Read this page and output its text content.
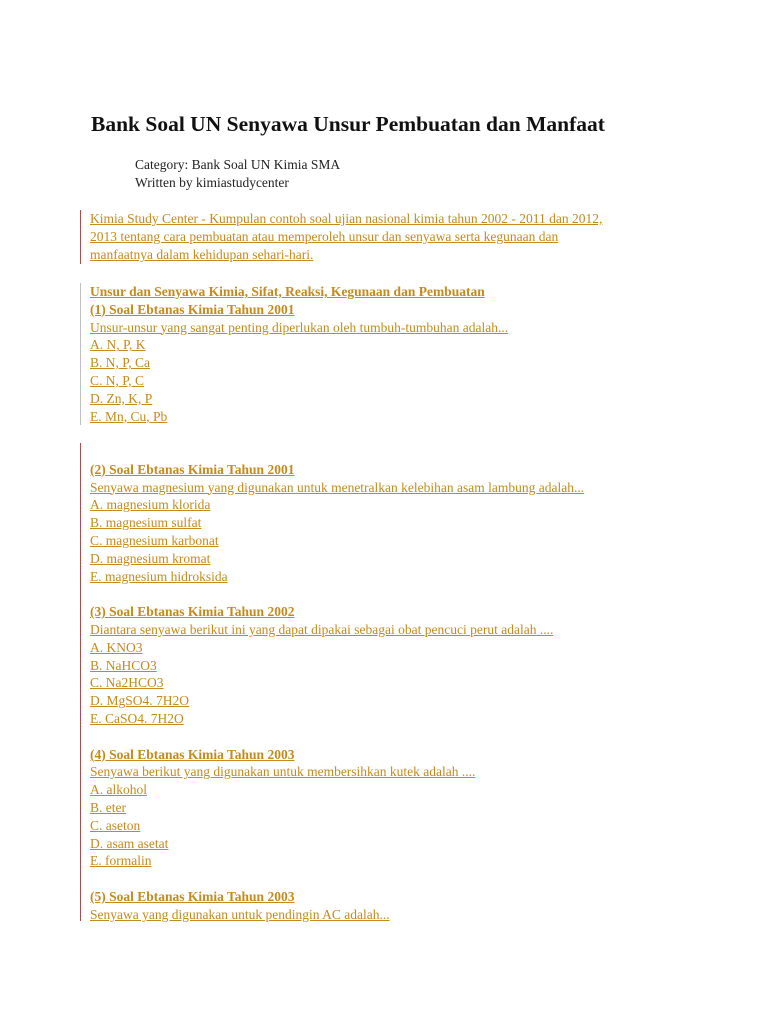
Bank Soal UN Senyawa Unsur Pembuatan dan Manfaat
Category: Bank Soal UN Kimia SMA
Written by kimiastudycenter

Kimia Study Center - Kumpulan contoh soal ujian nasional kimia tahun 2002 - 2011 dan 2012,

2013 tentang cara pembuatan atau memperoleh unsur dan senyawa serta kegunaan dan

manfaatnya dalam kehidupan sehari-hari.

Unsur dan Senyawa Kimia, Sifat, Reaksi, Kegunaan dan Pembuatan
(1) Soal Ebtanas Kimia Tahun 2001
Unsur-unsur yang sangat penting diperlukan oleh tumbuh-tumbuhan adalah...
A. N, P, K
B. N, P, Ca
C. N, P, C
D. Zn, K, P
E. Mn, Cu, Pb
(2) Soal Ebtanas Kimia Tahun 2001
Senyawa magnesium yang digunakan untuk menetralkan kelebihan asam lambung adalah...
A. magnesium klorida
B. magnesium sulfat
C. magnesium karbonat
D. magnesium kromat
E. magnesium hidroksida
(3) Soal Ebtanas Kimia Tahun 2002
Diantara senyawa berikut ini yang dapat dipakai sebagai obat pencuci perut adalah ....
A. KNO3
B. NaHCO3
C. Na2HCO3
D. MgSO4. 7H2O
E. CaSO4. 7H2O
(4) Soal Ebtanas Kimia Tahun 2003
Senyawa berikut yang digunakan untuk membersihkan kutek adalah ....
A. alkohol
B. eter
C. aseton
D. asam asetat
E. formalin
(5) Soal Ebtanas Kimia Tahun 2003
Senyawa yang digunakan untuk pendingin AC adalah...
